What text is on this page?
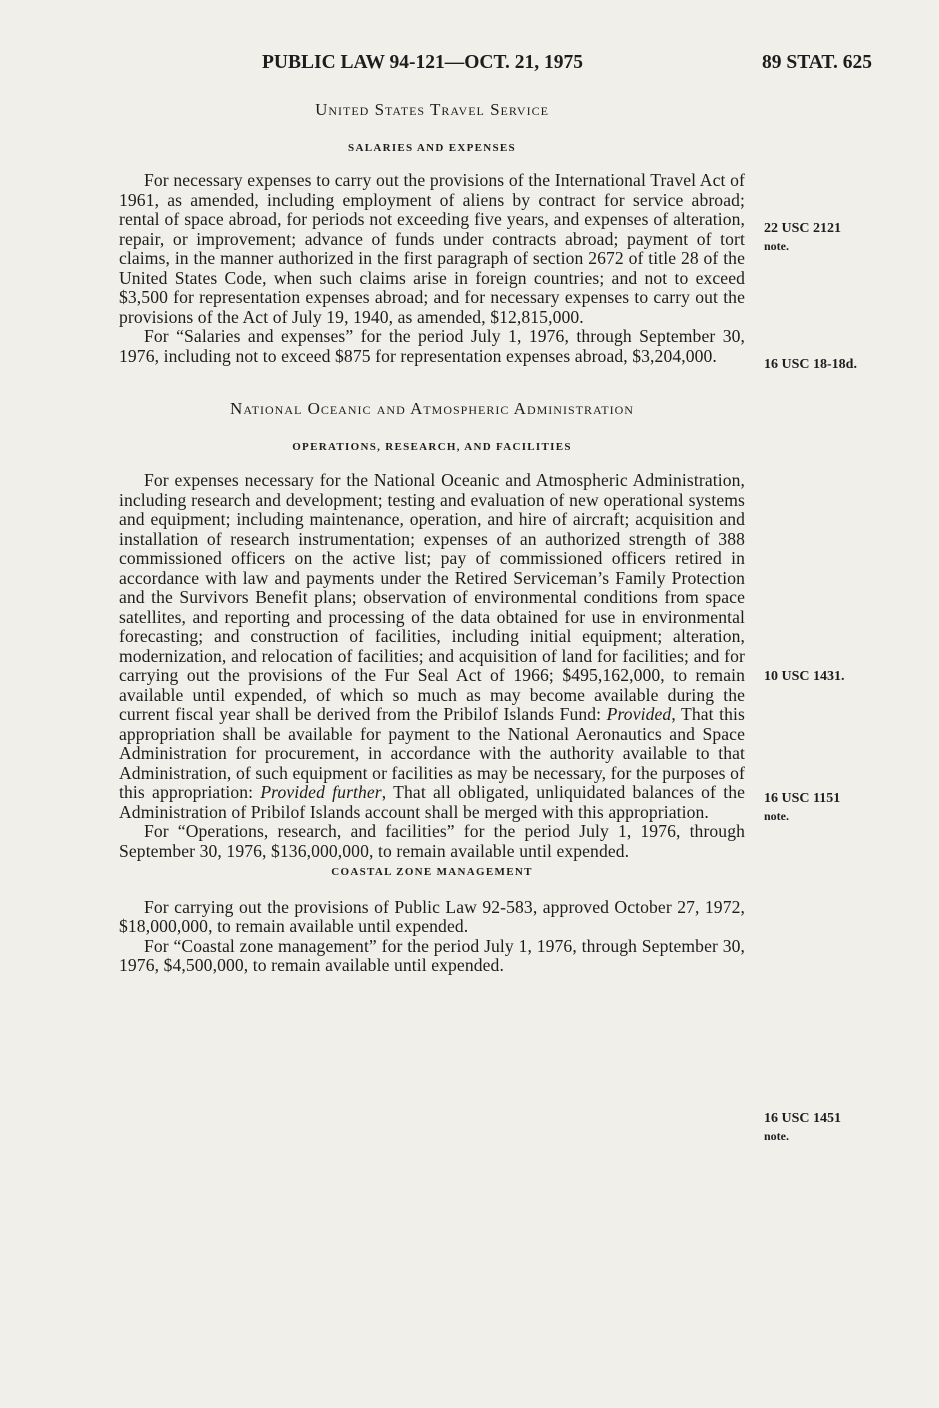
PUBLIC LAW 94-121—OCT. 21, 1975	89 STAT. 625

United States Travel Service

SALARIES AND EXPENSES

For necessary expenses to carry out the provisions of the International Travel Act of 1961, as amended, including employment of aliens by contract for service abroad; rental of space abroad, for periods not exceeding five years, and expenses of alteration, repair, or improvement; advance of funds under contracts abroad; payment of tort claims, in the manner authorized in the first paragraph of section 2672 of title 28 of the United States Code, when such claims arise in foreign countries; and not to exceed $3,500 for representation expenses abroad; and for necessary expenses to carry out the provisions of the Act of July 19, 1940, as amended, $12,815,000.

For “Salaries and expenses” for the period July 1, 1976, through September 30, 1976, including not to exceed $875 for representation expenses abroad, $3,204,000.

National Oceanic and Atmospheric Administration

OPERATIONS, RESEARCH, AND FACILITIES

For expenses necessary for the National Oceanic and Atmospheric Administration, including research and development; testing and evaluation of new operational systems and equipment; including maintenance, operation, and hire of aircraft; acquisition and installation of research instrumentation; expenses of an authorized strength of 388 commissioned officers on the active list; pay of commissioned officers retired in accordance with law and payments under the Retired Serviceman’s Family Protection and the Survivors Benefit plans; observation of environmental conditions from space satellites, and reporting and processing of the data obtained for use in environmental forecasting; and construction of facilities, including initial equipment; alteration, modernization, and relocation of facilities; and acquisition of land for facilities; and for carrying out the provisions of the Fur Seal Act of 1966; $495,162,000, to remain available until expended, of which so much as may become available during the current fiscal year shall be derived from the Pribilof Islands Fund: Provided, That this appropriation shall be available for payment to the National Aeronautics and Space Administration for procurement, in accordance with the authority available to that Administration, of such equipment or facilities as may be necessary, for the purposes of this appropriation: Provided further, That all obligated, unliquidated balances of the Administration of Pribilof Islands account shall be merged with this appropriation.

For “Operations, research, and facilities” for the period July 1, 1976, through September 30, 1976, $136,000,000, to remain available until expended.

COASTAL ZONE MANAGEMENT

For carrying out the provisions of Public Law 92-583, approved October 27, 1972, $18,000,000, to remain available until expended.

For “Coastal zone management” for the period July 1, 1976, through September 30, 1976, $4,500,000, to remain available until expended.

22 USC 2121
note.
16 USC 18-18d.
10 USC 1431.
16 USC 1151
note.
16 USC 1451
note.
